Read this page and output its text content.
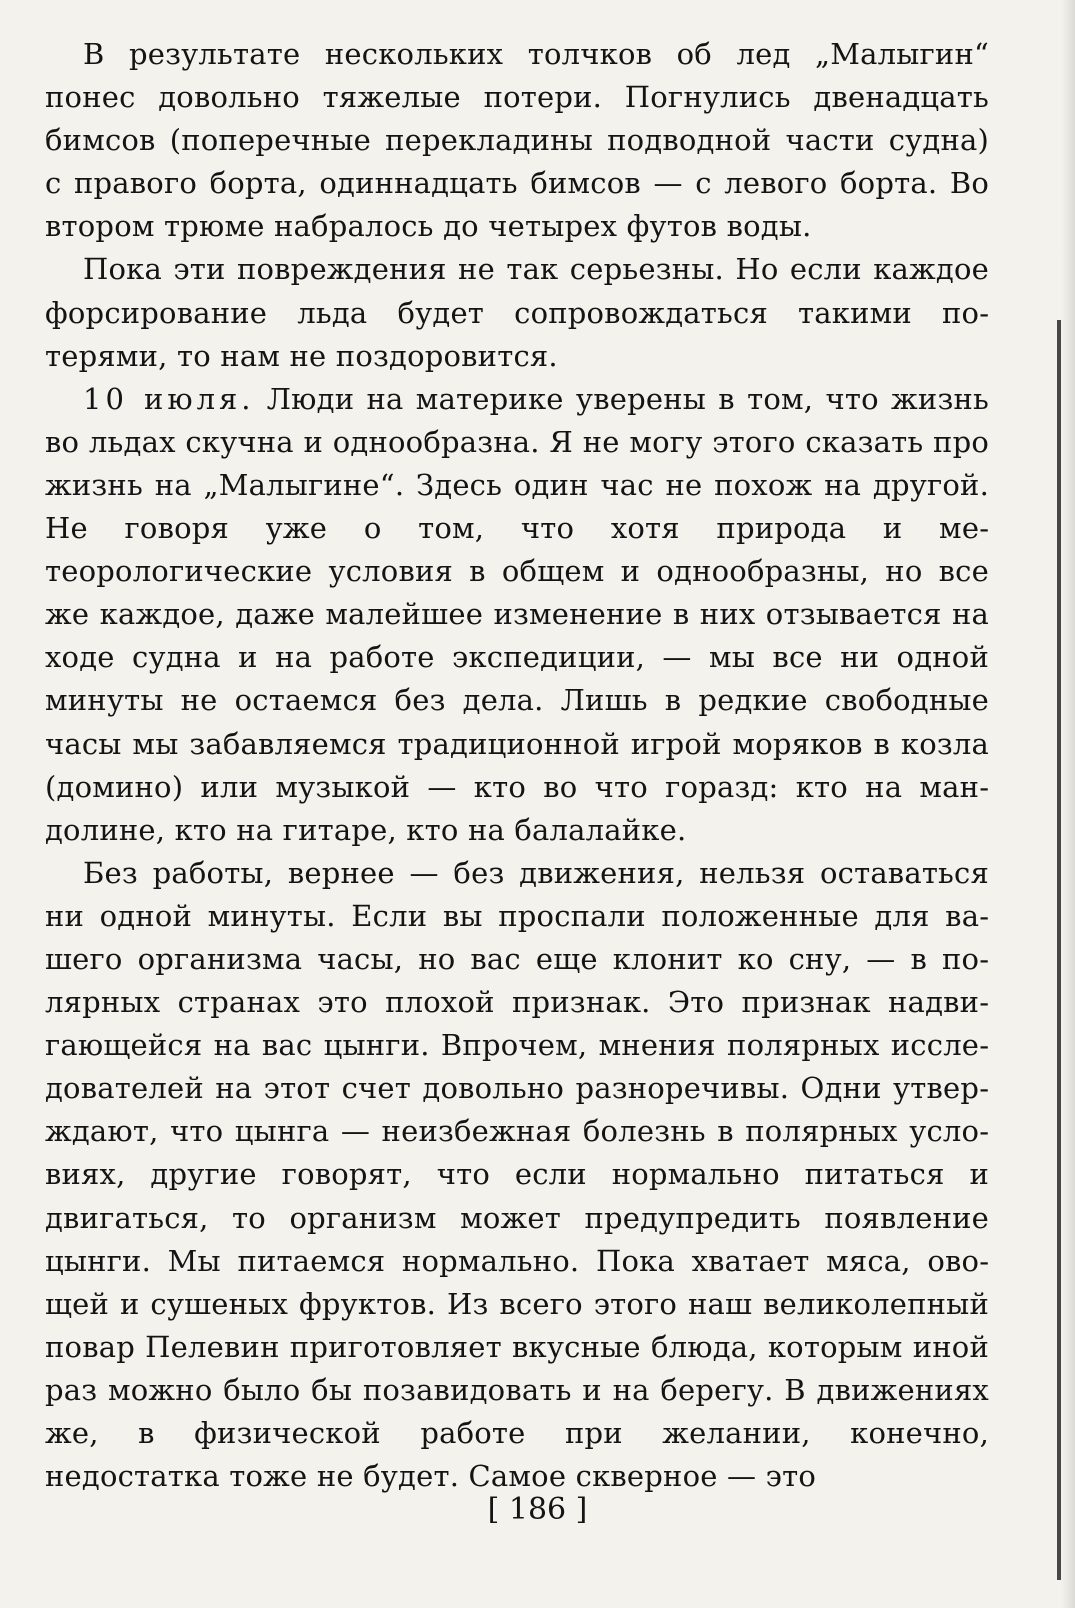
В результате нескольких толчков об лед „Малыгин“ понес довольно тяжелые потери. Погнулись двенадцать бимсов (поперечные перекладины подводной части судна) с правого борта, одиннадцать бимсов — с левого борта. Во втором трюме набралось до четырех футов воды.

Пока эти повреждения не так серьезны. Но если каждое форсирование льда будет сопровождаться такими потерями, то нам не поздоровится.

10 июля. Люди на материке уверены в том, что жизнь во льдах скучна и однообразна. Я не могу этого сказать про жизнь на „Малыгине“. Здесь один час не похож на другой. Не говоря уже о том, что хотя природа и метеорологические условия в общем и однообразны, но все же каждое, даже малейшее изменение в них отзывается на ходе судна и на работе экспедиции, — мы все ни одной минуты не остаемся без дела. Лишь в редкие свободные часы мы забавляемся традиционной игрой моряков в козла (домино) или музыкой — кто во что горазд: кто на мандолине, кто на гитаре, кто на балалайке.

Без работы, вернее — без движения, нельзя оставаться ни одной минуты. Если вы проспали положенные для вашего организма часы, но вас еще клонит ко сну, — в полярных странах это плохой признак. Это признак надвигающейся на вас цынги. Впрочем, мнения полярных исследователей на этот счет довольно разноречивы. Одни утверждают, что цынга — неизбежная болезнь в полярных условиях, другие говорят, что если нормально питаться и двигаться, то организм может предупредить появление цынги. Мы питаемся нормально. Пока хватает мяса, овощей и сушеных фруктов. Из всего этого наш великолепный повар Пелевин приготовляет вкусные блюда, которым иной раз можно было бы позавидовать и на берегу. В движениях же, в физической работе при желании, конечно, недостатка тоже не будет. Самое скверное — это

[ 186 ]
